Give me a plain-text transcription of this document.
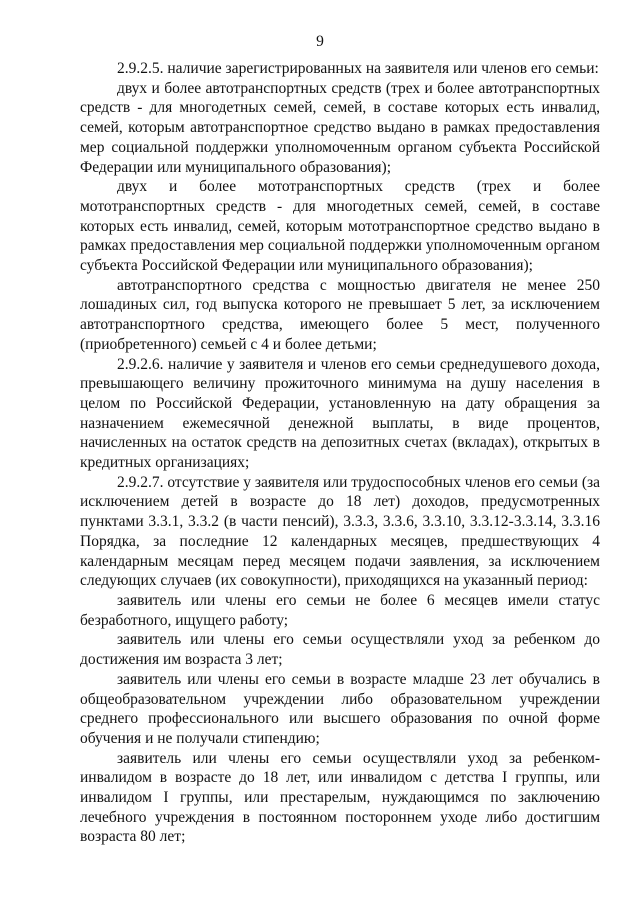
9

2.9.2.5. наличие зарегистрированных на заявителя или членов его семьи:

двух и более автотранспортных средств (трех и более автотранспортных средств - для многодетных семей, семей, в составе которых есть инвалид, семей, которым автотранспортное средство выдано в рамках предоставления мер социальной поддержки уполномоченным органом субъекта Российской Федерации или муниципального образования);

двух и более мототранспортных средств (трех и более мототранспортных средств - для многодетных семей, семей, в составе которых есть инвалид, семей, которым мототранспортное средство выдано в рамках предоставления мер социальной поддержки уполномоченным органом субъекта Российской Федерации или муниципального образования);

автотранспортного средства с мощностью двигателя не менее 250 лошадиных сил, год выпуска которого не превышает 5 лет, за исключением автотранспортного средства, имеющего более 5 мест, полученного (приобретенного) семьей с 4 и более детьми;

2.9.2.6. наличие у заявителя и членов его семьи среднедушевого дохода, превышающего величину прожиточного минимума на душу населения в целом по Российской Федерации, установленную на дату обращения за назначением ежемесячной денежной выплаты, в виде процентов, начисленных на остаток средств на депозитных счетах (вкладах), открытых в кредитных организациях;

2.9.2.7. отсутствие у заявителя или трудоспособных членов его семьи (за исключением детей в возрасте до 18 лет) доходов, предусмотренных пунктами 3.3.1, 3.3.2 (в части пенсий), 3.3.3, 3.3.6, 3.3.10, 3.3.12-3.3.14, 3.3.16 Порядка, за последние 12 календарных месяцев, предшествующих 4 календарным месяцам перед месяцем подачи заявления, за исключением следующих случаев (их совокупности), приходящихся на указанный период:

заявитель или члены его семьи не более 6 месяцев имели статус безработного, ищущего работу;

заявитель или члены его семьи осуществляли уход за ребенком до достижения им возраста 3 лет;

заявитель или члены его семьи в возрасте младше 23 лет обучались в общеобразовательном учреждении либо образовательном учреждении среднего профессионального или высшего образования по очной форме обучения и не получали стипендию;

заявитель или члены его семьи осуществляли уход за ребенком-инвалидом в возрасте до 18 лет, или инвалидом с детства I группы, или инвалидом I группы, или престарелым, нуждающимся по заключению лечебного учреждения в постоянном постороннем уходе либо достигшим возраста 80 лет;
